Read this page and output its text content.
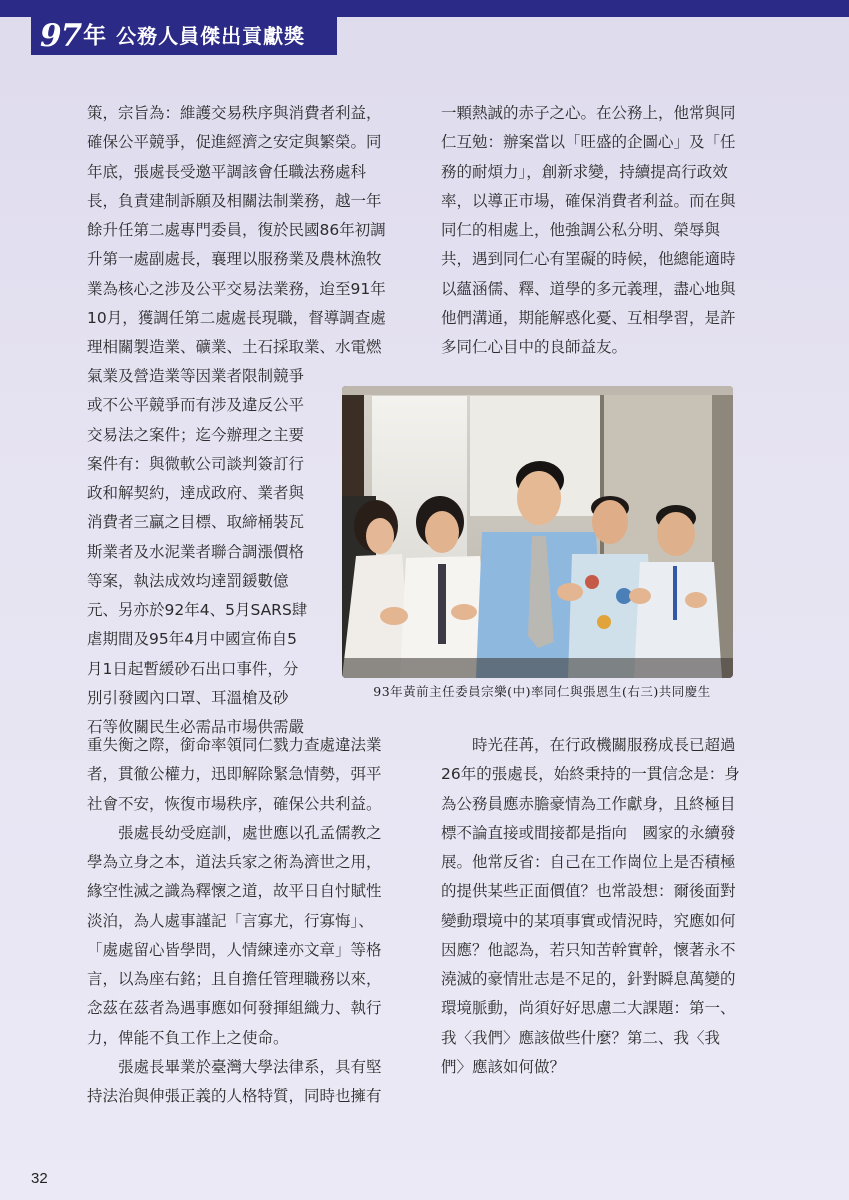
97 年 公務人員傑出貢獻獎
策，宗旨為：維護交易秩序與消費者利益，
確保公平競爭，促進經濟之安定與繁榮。同
年底，張處長受邀平調該會任職法務處科
長，負責建制訴願及相關法制業務，越一年
餘升任第二處專門委員，復於民國86年初調
升第一處副處長，襄理以服務業及農林漁牧
業為核心之涉及公平交易法業務，迨至91年
10月，獲調任第二處處長現職，督導調查處
理相關製造業、礦業、土石採取業、水電燃
氣業及營造業等因業者限制競爭
或不公平競爭而有涉及違反公平
交易法之案件；迄今辦理之主要
案件有：與微軟公司談判簽訂行
政和解契約，達成政府、業者與
消費者三贏之目標、取締桶裝瓦
斯業者及水泥業者聯合調漲價格
等案，執法成效均達罰鍰數億
元、另亦於92年4、5月SARS肆
虐期間及95年4月中國宣佈自5
月1日起暫緩砂石出口事件，分
別引發國內口罩、耳溫槍及砂
石等攸關民生必需品市場供需嚴
重失衡之際，銜命率領同仁戮力查處違法業
者，貫徹公權力，迅即解除緊急情勢，弭平
社會不安，恢復市場秩序，確保公共利益。
　　張處長幼受庭訓，處世應以孔孟儒教之
學為立身之本，道法兵家之術為濟世之用，
緣空性滅之識為釋懷之道，故平日自忖賦性
淡泊，為人處事謹記「言寡尤，行寡悔」、
「處處留心皆學問，人情練達亦文章」等格
言，以為座右銘；且自擔任管理職務以來，
念茲在茲者為遇事應如何發揮組織力、執行
力，俾能不負工作上之使命。
　　張處長畢業於臺灣大學法律系，具有堅
持法治與伸張正義的人格特質，同時也擁有
一顆熱誠的赤子之心。在公務上，他常與同
仁互勉：辦案當以「旺盛的企圖心」及「任
務的耐煩力」，創新求變，持續提高行政效
率，以導正市場，確保消費者利益。而在與
同仁的相處上，他強調公私分明、榮辱與
共，遇到同仁心有罣礙的時候，他總能適時
以蘊涵儒、釋、道學的多元義理，盡心地與
他們溝通，期能解惑化憂、互相學習，是許
多同仁心目中的良師益友。
　　時光荏苒，在行政機關服務成長已超過
26年的張處長，始終秉持的一貫信念是：身
為公務員應赤膽豪情為工作獻身，且終極目
標不論直接或間接都是指向　國家的永續發
展。他常反省：自己在工作崗位上是否積極
的提供某些正面價值？也常設想：爾後面對
變動環境中的某項事實或情況時，究應如何
因應？他認為，若只知苦幹實幹，懷著永不
澆滅的豪情壯志是不足的，針對瞬息萬變的
環境脈動，尚須好好思慮二大課題：第一、
我〈我們〉應該做些什麼？第二、我〈我
們〉應該如何做？
93年黃前主任委員宗樂(中)率同仁與張恩生(右三)共同慶生
32
